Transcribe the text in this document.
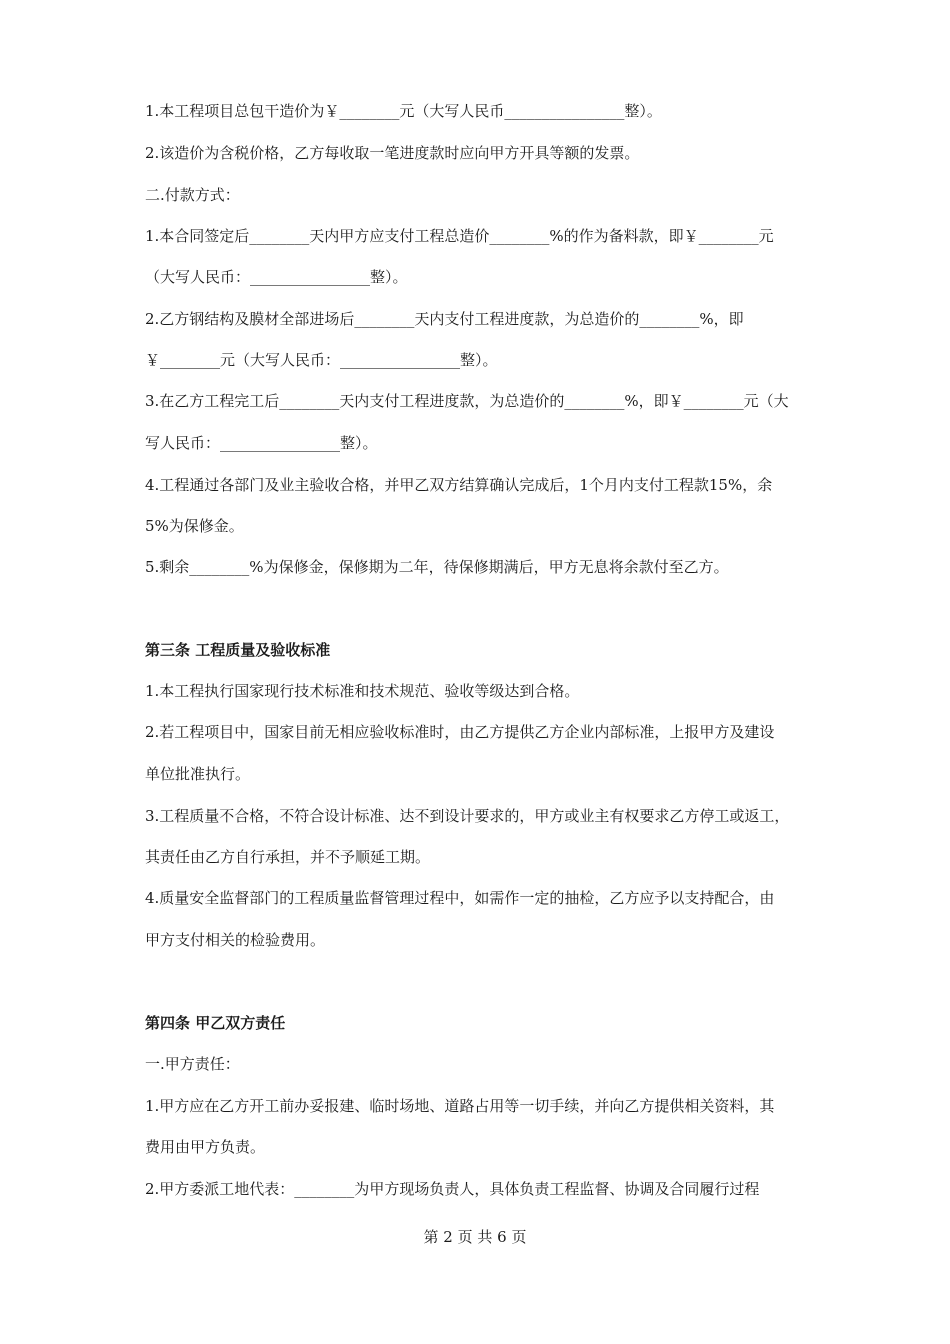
1.本工程项目总包干造价为￥________元（大写人民币________________整）。
2.该造价为含税价格，乙方每收取一笔进度款时应向甲方开具等额的发票。
二.付款方式：
1.本合同签定后________天内甲方应支付工程总造价________%的作为备料款，即￥________元
（大写人民币：________________整）。
2.乙方钢结构及膜材全部进场后________天内支付工程进度款，为总造价的________%，即
￥________元（大写人民币：________________整）。
3.在乙方工程完工后________天内支付工程进度款，为总造价的________%，即￥________元（大
写人民币：________________整）。
4.工程通过各部门及业主验收合格，并甲乙双方结算确认完成后，1个月内支付工程款15%，余
5%为保修金。
5.剩余________%为保修金，保修期为二年，待保修期满后，甲方无息将余款付至乙方。
第三条 工程质量及验收标准
1.本工程执行国家现行技术标准和技术规范、验收等级达到合格。
2.若工程项目中，国家目前无相应验收标准时，由乙方提供乙方企业内部标准，上报甲方及建设
单位批准执行。
3.工程质量不合格，不符合设计标准、达不到设计要求的，甲方或业主有权要求乙方停工或返工，
其责任由乙方自行承担，并不予顺延工期。
4.质量安全监督部门的工程质量监督管理过程中，如需作一定的抽检，乙方应予以支持配合，由
甲方支付相关的检验费用。
第四条 甲乙双方责任
一.甲方责任：
1.甲方应在乙方开工前办妥报建、临时场地、道路占用等一切手续，并向乙方提供相关资料，其
费用由甲方负责。
2.甲方委派工地代表：________为甲方现场负责人，具体负责工程监督、协调及合同履行过程
第 2 页 共 6 页
